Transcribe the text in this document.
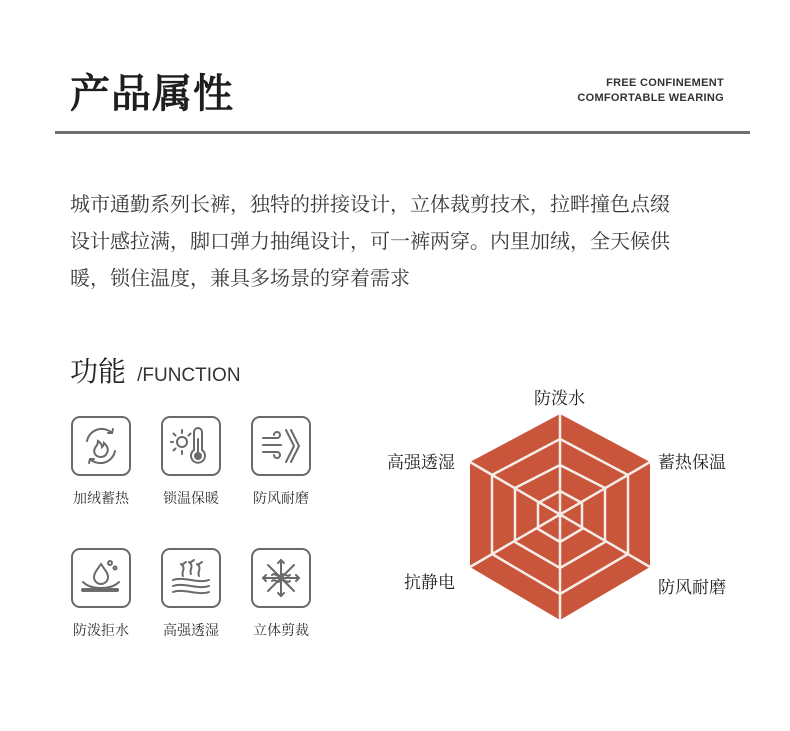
产品属性	FREE CONFINEMENT
COMFORTABLE WEARING
城市通勤系列长裤，独特的拼接设计，立体裁剪技术，拉畔撞色点缀
设计感拉满，脚口弹力抽绳设计，可一裤两穿。内里加绒，全天候供
暖，锁住温度，兼具多场景的穿着需求
功能 /FUNCTION
加绒蓄热	锁温保暖	防风耐磨
防泼拒水	高强透湿	立体剪裁
防泼水
蓄热保温
防风耐磨
抗静电
高强透湿
